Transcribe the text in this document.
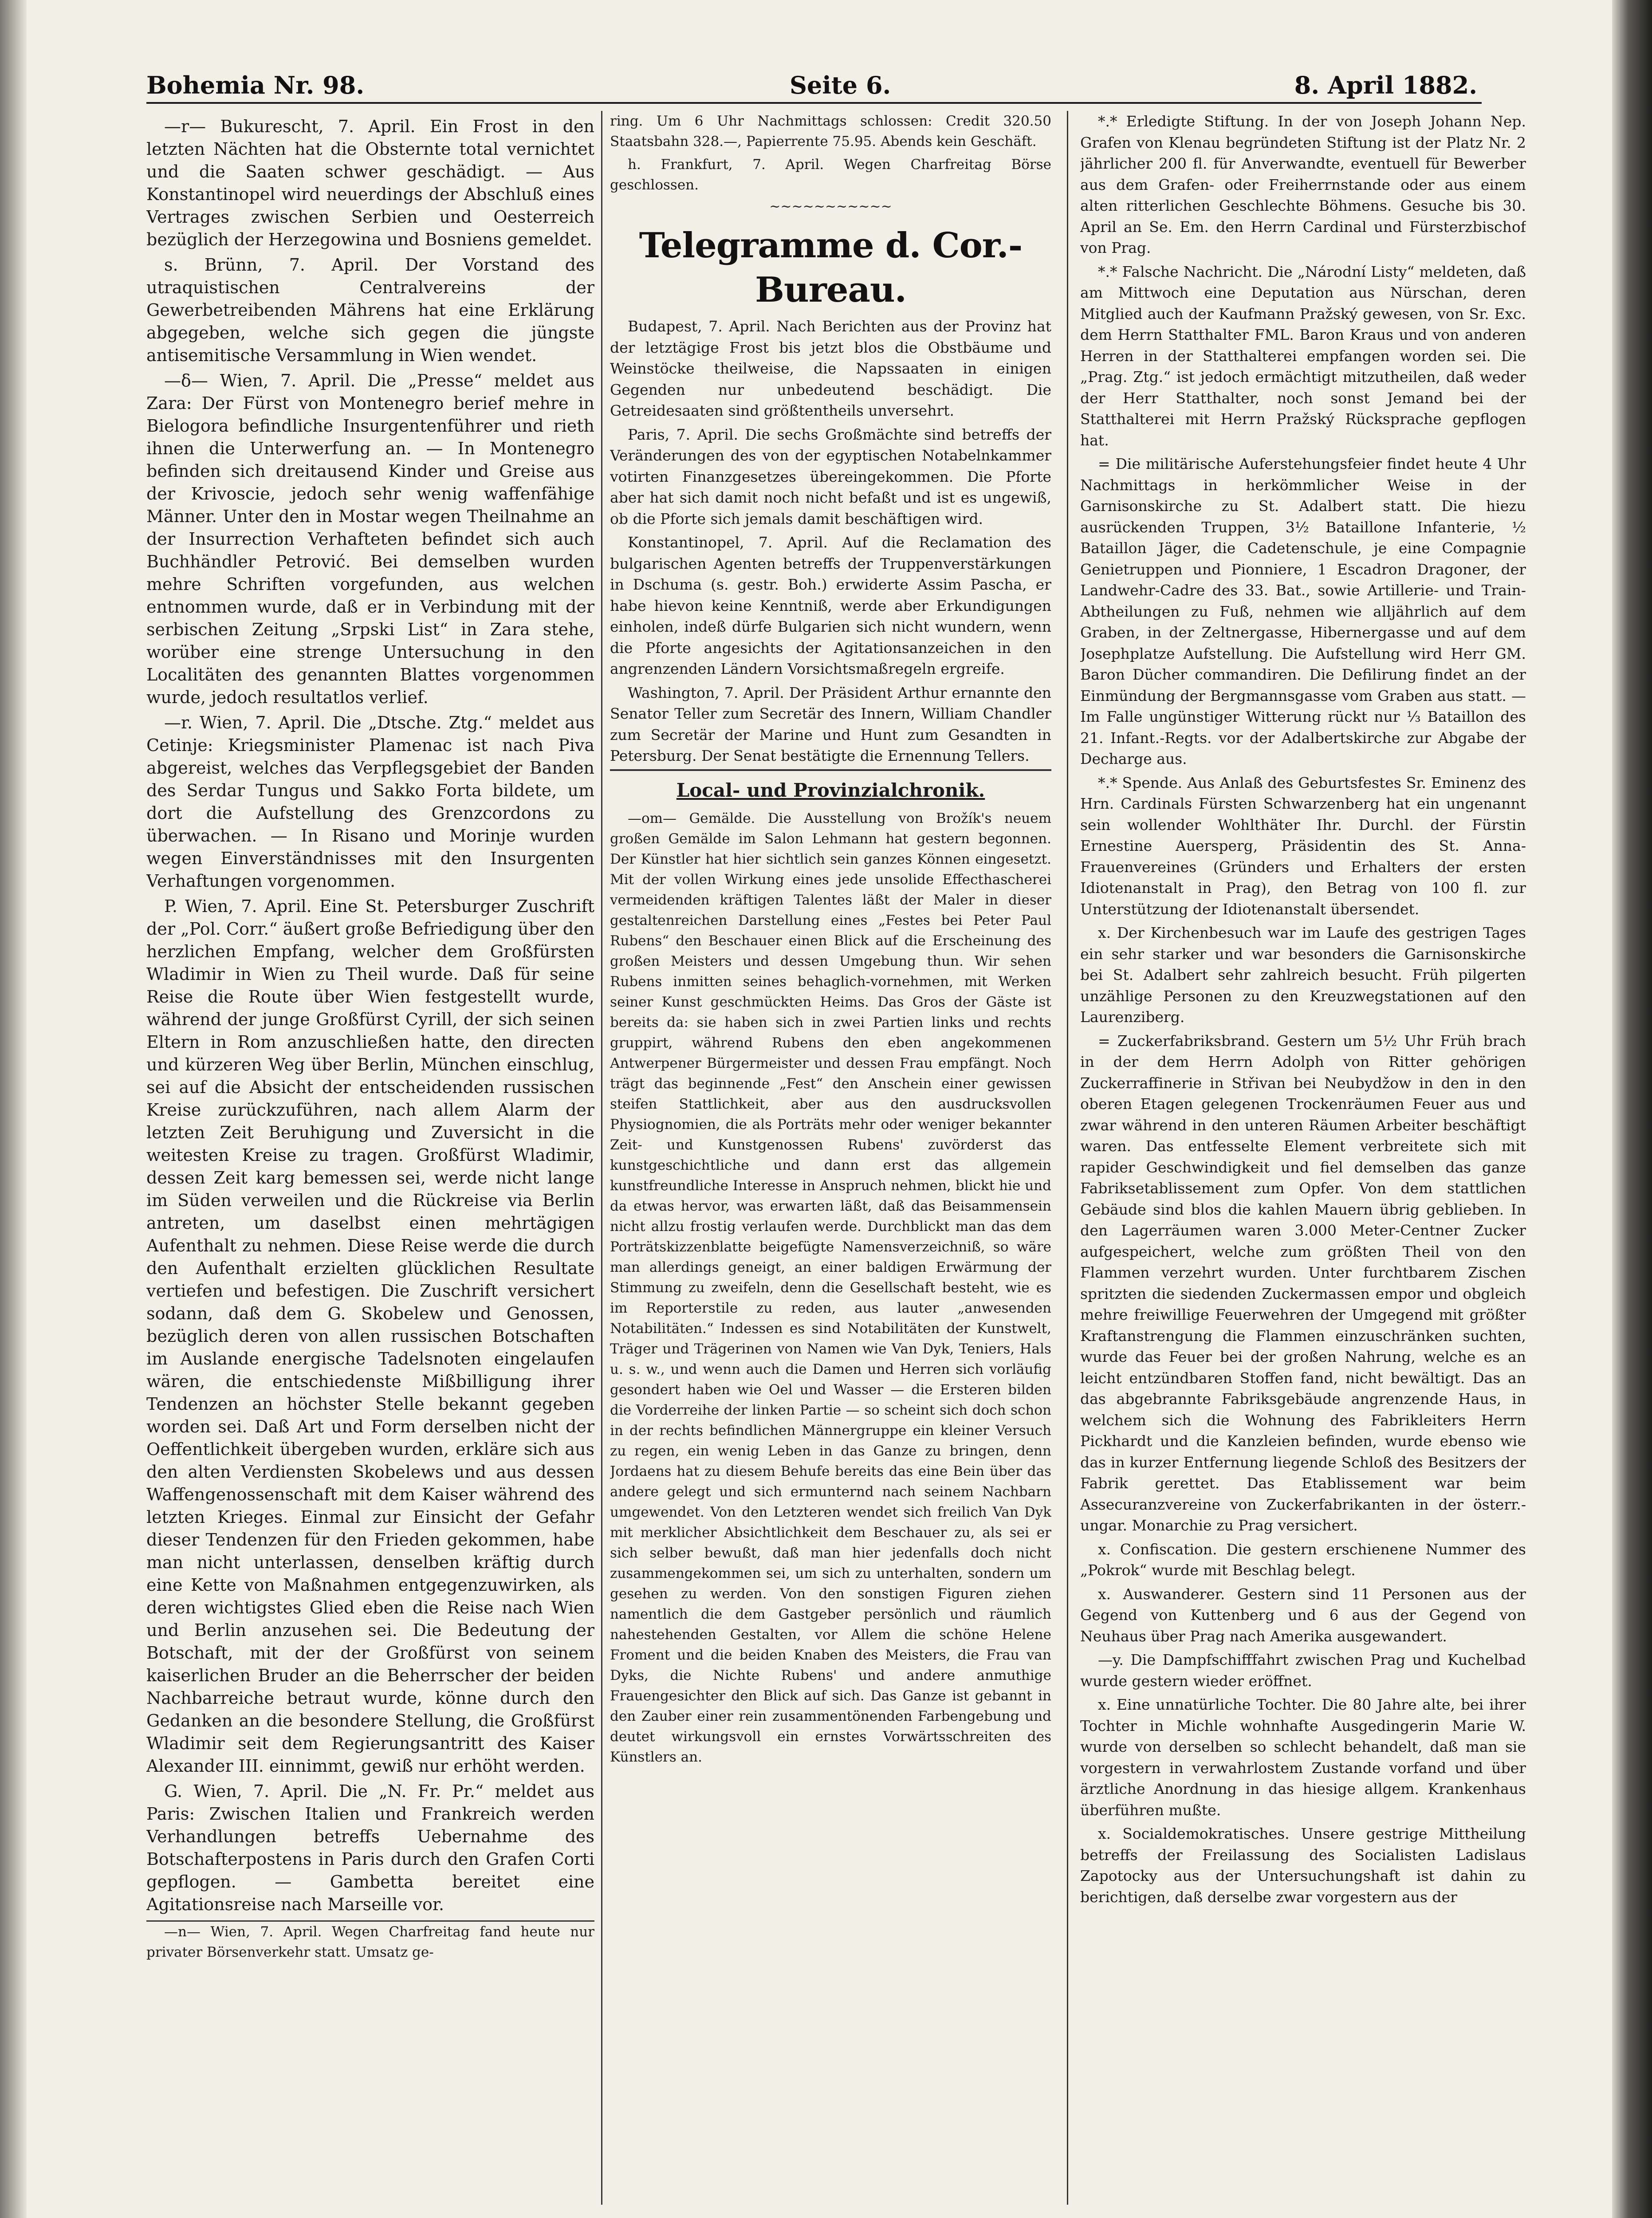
Bohemia Nr. 98.	Seite 6.	8. April 1882.

—r— Bukurescht, 7. April. Ein Frost in den letzten Nächten hat die Obsternte total vernichtet und die Saaten schwer geschädigt. — Aus Konstantinopel wird neuerdings der Abschluß eines Vertrages zwischen Serbien und Oesterreich bezüglich der Herzegowina und Bosniens gemeldet.

s. Brünn, 7. April. Der Vorstand des utraquistischen Centralvereins der Gewerbetreibenden Mährens hat eine Erklärung abgegeben, welche sich gegen die jüngste antisemitische Versammlung in Wien wendet.

—δ— Wien, 7. April. Die „Presse“ meldet aus Zara: Der Fürst von Montenegro berief mehre in Bielogora befindliche Insurgentenführer und rieth ihnen die Unterwerfung an. — In Montenegro befinden sich dreitausend Kinder und Greise aus der Krivoscie, jedoch sehr wenig waffenfähige Männer. Unter den in Mostar wegen Theilnahme an der Insurrection Verhafteten befindet sich auch Buchhändler Petrović. Bei demselben wurden mehre Schriften vorgefunden, aus welchen entnommen wurde, daß er in Verbindung mit der serbischen Zeitung „Srpski List“ in Zara stehe, worüber eine strenge Untersuchung in den Localitäten des genannten Blattes vorgenommen wurde, jedoch resultatlos verlief.

—r. Wien, 7. April. Die „Dtsche. Ztg.“ meldet aus Cetinje: Kriegsminister Plamenac ist nach Piva abgereist, welches das Verpflegsgebiet der Banden des Serdar Tungus und Sakko Forta bildete, um dort die Aufstellung des Grenzcordons zu überwachen. — In Risano und Morinje wurden wegen Einverständnisses mit den Insurgenten Verhaftungen vorgenommen.

P. Wien, 7. April. Eine St. Petersburger Zuschrift der „Pol. Corr.“ äußert große Befriedigung über den herzlichen Empfang, welcher dem Großfürsten Wladimir in Wien zu Theil wurde. Daß für seine Reise die Route über Wien festgestellt wurde, während der junge Großfürst Cyrill, der sich seinen Eltern in Rom anzuschließen hatte, den directen und kürzeren Weg über Berlin, München einschlug, sei auf die Absicht der entscheidenden russischen Kreise zurückzuführen, nach allem Alarm der letzten Zeit Beruhigung und Zuversicht in die weitesten Kreise zu tragen. Großfürst Wladimir, dessen Zeit karg bemessen sei, werde nicht lange im Süden verweilen und die Rückreise via Berlin antreten, um daselbst einen mehrtägigen Aufenthalt zu nehmen. Diese Reise werde die durch den Aufenthalt erzielten glücklichen Resultate vertiefen und befestigen. Die Zuschrift versichert sodann, daß dem G. Skobelew und Genossen, bezüglich deren von allen russischen Botschaften im Auslande energische Tadelsnoten eingelaufen wären, die entschiedenste Mißbilligung ihrer Tendenzen an höchster Stelle bekannt gegeben worden sei. Daß Art und Form derselben nicht der Oeffentlichkeit übergeben wurden, erkläre sich aus den alten Verdiensten Skobelews und aus dessen Waffengenossenschaft mit dem Kaiser während des letzten Krieges. Einmal zur Einsicht der Gefahr dieser Tendenzen für den Frieden gekommen, habe man nicht unterlassen, denselben kräftig durch eine Kette von Maßnahmen entgegenzuwirken, als deren wichtigstes Glied eben die Reise nach Wien und Berlin anzusehen sei. Die Bedeutung der Botschaft, mit der der Großfürst von seinem kaiserlichen Bruder an die Beherrscher der beiden Nachbarreiche betraut wurde, könne durch den Gedanken an die besondere Stellung, die Großfürst Wladimir seit dem Regierungsantritt des Kaiser Alexander III. einnimmt, gewiß nur erhöht werden.

G. Wien, 7. April. Die „N. Fr. Pr.“ meldet aus Paris: Zwischen Italien und Frankreich werden Verhandlungen betreffs Uebernahme des Botschafterpostens in Paris durch den Grafen Corti gepflogen. — Gambetta bereitet eine Agitationsreise nach Marseille vor.

—n— Wien, 7. April. Wegen Charfreitag fand heute nur privater Börsenverkehr statt. Umsatz ge-

ring. Um 6 Uhr Nachmittags schlossen: Credit 320.50 Staatsbahn 328.—, Papierrente 75.95. Abends kein Geschäft.

h. Frankfurt, 7. April. Wegen Charfreitag Börse geschlossen.

~~~~~~~~~~~
Telegramme d. Cor.-Bureau.

Budapest, 7. April. Nach Berichten aus der Provinz hat der letztägige Frost bis jetzt blos die Obstbäume und Weinstöcke theilweise, die Napssaaten in einigen Gegenden nur unbedeutend beschädigt. Die Getreidesaaten sind größtentheils unversehrt.

Paris, 7. April. Die sechs Großmächte sind betreffs der Veränderungen des von der egyptischen Notabelnkammer votirten Finanzgesetzes übereingekommen. Die Pforte aber hat sich damit noch nicht befaßt und ist es ungewiß, ob die Pforte sich jemals damit beschäftigen wird.

Konstantinopel, 7. April. Auf die Reclamation des bulgarischen Agenten betreffs der Truppenverstärkungen in Dschuma (s. gestr. Boh.) erwiderte Assim Pascha, er habe hievon keine Kenntniß, werde aber Erkundigungen einholen, indeß dürfe Bulgarien sich nicht wundern, wenn die Pforte angesichts der Agitationsanzeichen in den angrenzenden Ländern Vorsichtsmaßregeln ergreife.

Washington, 7. April. Der Präsident Arthur ernannte den Senator Teller zum Secretär des Innern, William Chandler zum Secretär der Marine und Hunt zum Gesandten in Petersburg. Der Senat bestätigte die Ernennung Tellers.

Local- und Provinzialchronik.

—om— Gemälde. Die Ausstellung von Brožík's neuem großen Gemälde im Salon Lehmann hat gestern begonnen. Der Künstler hat hier sichtlich sein ganzes Können eingesetzt. Mit der vollen Wirkung eines jede unsolide Effecthascherei vermeidenden kräftigen Talentes läßt der Maler in dieser gestaltenreichen Darstellung eines „Festes bei Peter Paul Rubens“ den Beschauer einen Blick auf die Erscheinung des großen Meisters und dessen Umgebung thun. Wir sehen Rubens inmitten seines behaglich-vornehmen, mit Werken seiner Kunst geschmückten Heims. Das Gros der Gäste ist bereits da: sie haben sich in zwei Partien links und rechts gruppirt, während Rubens den eben angekommenen Antwerpener Bürgermeister und dessen Frau empfängt. Noch trägt das beginnende „Fest“ den Anschein einer gewissen steifen Stattlichkeit, aber aus den ausdrucksvollen Physiognomien, die als Porträts mehr oder weniger bekannter Zeit- und Kunstgenossen Rubens' zuvörderst das kunstgeschichtliche und dann erst das allgemein kunstfreundliche Interesse in Anspruch nehmen, blickt hie und da etwas hervor, was erwarten läßt, daß das Beisammensein nicht allzu frostig verlaufen werde. Durchblickt man das dem Porträtskizzenblatte beigefügte Namensverzeichniß, so wäre man allerdings geneigt, an einer baldigen Erwärmung der Stimmung zu zweifeln, denn die Gesellschaft besteht, wie es im Reporterstile zu reden, aus lauter „anwesenden Notabilitäten.“ Indessen es sind Notabilitäten der Kunstwelt, Träger und Trägerinen von Namen wie Van Dyk, Teniers, Hals u. s. w., und wenn auch die Damen und Herren sich vorläufig gesondert haben wie Oel und Wasser — die Ersteren bilden die Vorderreihe der linken Partie — so scheint sich doch schon in der rechts befindlichen Männergruppe ein kleiner Versuch zu regen, ein wenig Leben in das Ganze zu bringen, denn Jordaens hat zu diesem Behufe bereits das eine Bein über das andere gelegt und sich ermunternd nach seinem Nachbarn umgewendet. Von den Letzteren wendet sich freilich Van Dyk mit merklicher Absichtlichkeit dem Beschauer zu, als sei er sich selber bewußt, daß man hier jedenfalls doch nicht zusammengekommen sei, um sich zu unterhalten, sondern um gesehen zu werden. Von den sonstigen Figuren ziehen namentlich die dem Gastgeber persönlich und räumlich nahestehenden Gestalten, vor Allem die schöne Helene Froment und die beiden Knaben des Meisters, die Frau van Dyks, die Nichte Rubens' und andere anmuthige Frauengesichter den Blick auf sich. Das Ganze ist gebannt in den Zauber einer rein zusammentönenden Farbengebung und deutet wirkungsvoll ein ernstes Vorwärtsschreiten des Künstlers an.

*.* Erledigte Stiftung. In der von Joseph Johann Nep. Grafen von Klenau begründeten Stiftung ist der Platz Nr. 2 jährlicher 200 fl. für Anverwandte, eventuell für Bewerber aus dem Grafen- oder Freiherrnstande oder aus einem alten ritterlichen Geschlechte Böhmens. Gesuche bis 30. April an Se. Em. den Herrn Cardinal und Fürsterzbischof von Prag.

*.* Falsche Nachricht. Die „Národní Listy“ meldeten, daß am Mittwoch eine Deputation aus Nürschan, deren Mitglied auch der Kaufmann Pražský gewesen, von Sr. Exc. dem Herrn Statthalter FML. Baron Kraus und von anderen Herren in der Statthalterei empfangen worden sei. Die „Prag. Ztg.“ ist jedoch ermächtigt mitzutheilen, daß weder der Herr Statthalter, noch sonst Jemand bei der Statthalterei mit Herrn Pražský Rücksprache gepflogen hat.

= Die militärische Auferstehungsfeier findet heute 4 Uhr Nachmittags in herkömmlicher Weise in der Garnisonskirche zu St. Adalbert statt. Die hiezu ausrückenden Truppen, 3½ Bataillone Infanterie, ½ Bataillon Jäger, die Cadetenschule, je eine Compagnie Genietruppen und Pionniere, 1 Escadron Dragoner, der Landwehr-Cadre des 33. Bat., sowie Artillerie- und Train-Abtheilungen zu Fuß, nehmen wie alljährlich auf dem Graben, in der Zeltnergasse, Hibernergasse und auf dem Josephplatze Aufstellung. Die Aufstellung wird Herr GM. Baron Dücher commandiren. Die Defilirung findet an der Einmündung der Bergmannsgasse vom Graben aus statt. — Im Falle ungünstiger Witterung rückt nur ⅓ Bataillon des 21. Infant.-Regts. vor der Adalbertskirche zur Abgabe der Decharge aus.

*.* Spende. Aus Anlaß des Geburtsfestes Sr. Eminenz des Hrn. Cardinals Fürsten Schwarzenberg hat ein ungenannt sein wollender Wohlthäter Ihr. Durchl. der Fürstin Ernestine Auersperg, Präsidentin des St. Anna-Frauenvereines (Gründers und Erhalters der ersten Idiotenanstalt in Prag), den Betrag von 100 fl. zur Unterstützung der Idiotenanstalt übersendet.

x. Der Kirchenbesuch war im Laufe des gestrigen Tages ein sehr starker und war besonders die Garnisonskirche bei St. Adalbert sehr zahlreich besucht. Früh pilgerten unzählige Personen zu den Kreuzwegstationen auf den Laurenziberg.

= Zuckerfabriksbrand. Gestern um 5½ Uhr Früh brach in der dem Herrn Adolph von Ritter gehörigen Zuckerraffinerie in Střivan bei Neubydžow in den in den oberen Etagen gelegenen Trockenräumen Feuer aus und zwar während in den unteren Räumen Arbeiter beschäftigt waren. Das entfesselte Element verbreitete sich mit rapider Geschwindigkeit und fiel demselben das ganze Fabriksetablissement zum Opfer. Von dem stattlichen Gebäude sind blos die kahlen Mauern übrig geblieben. In den Lagerräumen waren 3.000 Meter-Centner Zucker aufgespeichert, welche zum größten Theil von den Flammen verzehrt wurden. Unter furchtbarem Zischen spritzten die siedenden Zuckermassen empor und obgleich mehre freiwillige Feuerwehren der Umgegend mit größter Kraftanstrengung die Flammen einzuschränken suchten, wurde das Feuer bei der großen Nahrung, welche es an leicht entzündbaren Stoffen fand, nicht bewältigt. Das an das abgebrannte Fabriksgebäude angrenzende Haus, in welchem sich die Wohnung des Fabrikleiters Herrn Pickhardt und die Kanzleien befinden, wurde ebenso wie das in kurzer Entfernung liegende Schloß des Besitzers der Fabrik gerettet. Das Etablissement war beim Assecuranzvereine von Zuckerfabrikanten in der österr.-ungar. Monarchie zu Prag versichert.

x. Confiscation. Die gestern erschienene Nummer des „Pokrok“ wurde mit Beschlag belegt.

x. Auswanderer. Gestern sind 11 Personen aus der Gegend von Kuttenberg und 6 aus der Gegend von Neuhaus über Prag nach Amerika ausgewandert.

—y. Die Dampfschifffahrt zwischen Prag und Kuchelbad wurde gestern wieder eröffnet.

x. Eine unnatürliche Tochter. Die 80 Jahre alte, bei ihrer Tochter in Michle wohnhafte Ausgedingerin Marie W. wurde von derselben so schlecht behandelt, daß man sie vorgestern in verwahrlostem Zustande vorfand und über ärztliche Anordnung in das hiesige allgem. Krankenhaus überführen mußte.

x. Socialdemokratisches. Unsere gestrige Mittheilung betreffs der Freilassung des Socialisten Ladislaus Zapotocky aus der Untersuchungshaft ist dahin zu berichtigen, daß derselbe zwar vorgestern aus der
